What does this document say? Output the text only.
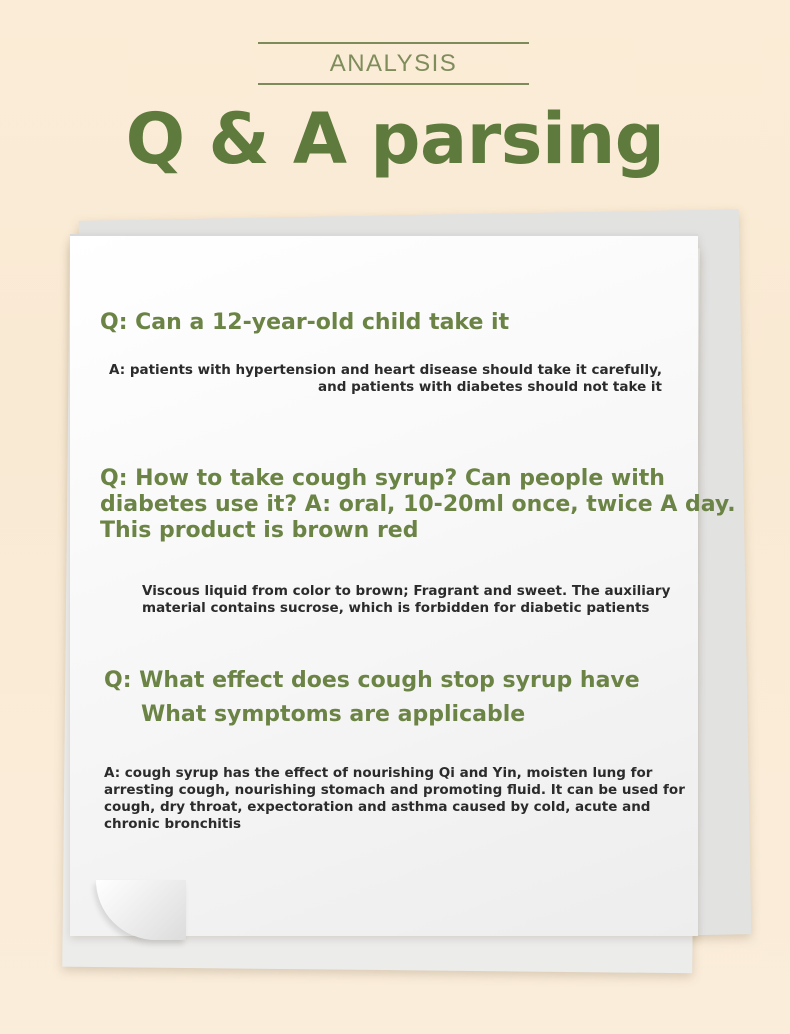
ANALYSIS
Q & A parsing
Q: Can a 12-year-old child take it
A: patients with hypertension and heart disease should take it carefully,
and patients with diabetes should not take it
Q: How to take cough syrup? Can people with
diabetes use it? A: oral, 10-20ml once, twice A day.
This product is brown red
Viscous liquid from color to brown; Fragrant and sweet. The auxiliary
material contains sucrose, which is forbidden for diabetic patients
Q: What effect does cough stop syrup have
What symptoms are applicable
A: cough syrup has the effect of nourishing Qi and Yin, moisten lung for
arresting cough, nourishing stomach and promoting fluid. It can be used for
cough, dry throat, expectoration and asthma caused by cold, acute and
chronic bronchitis
